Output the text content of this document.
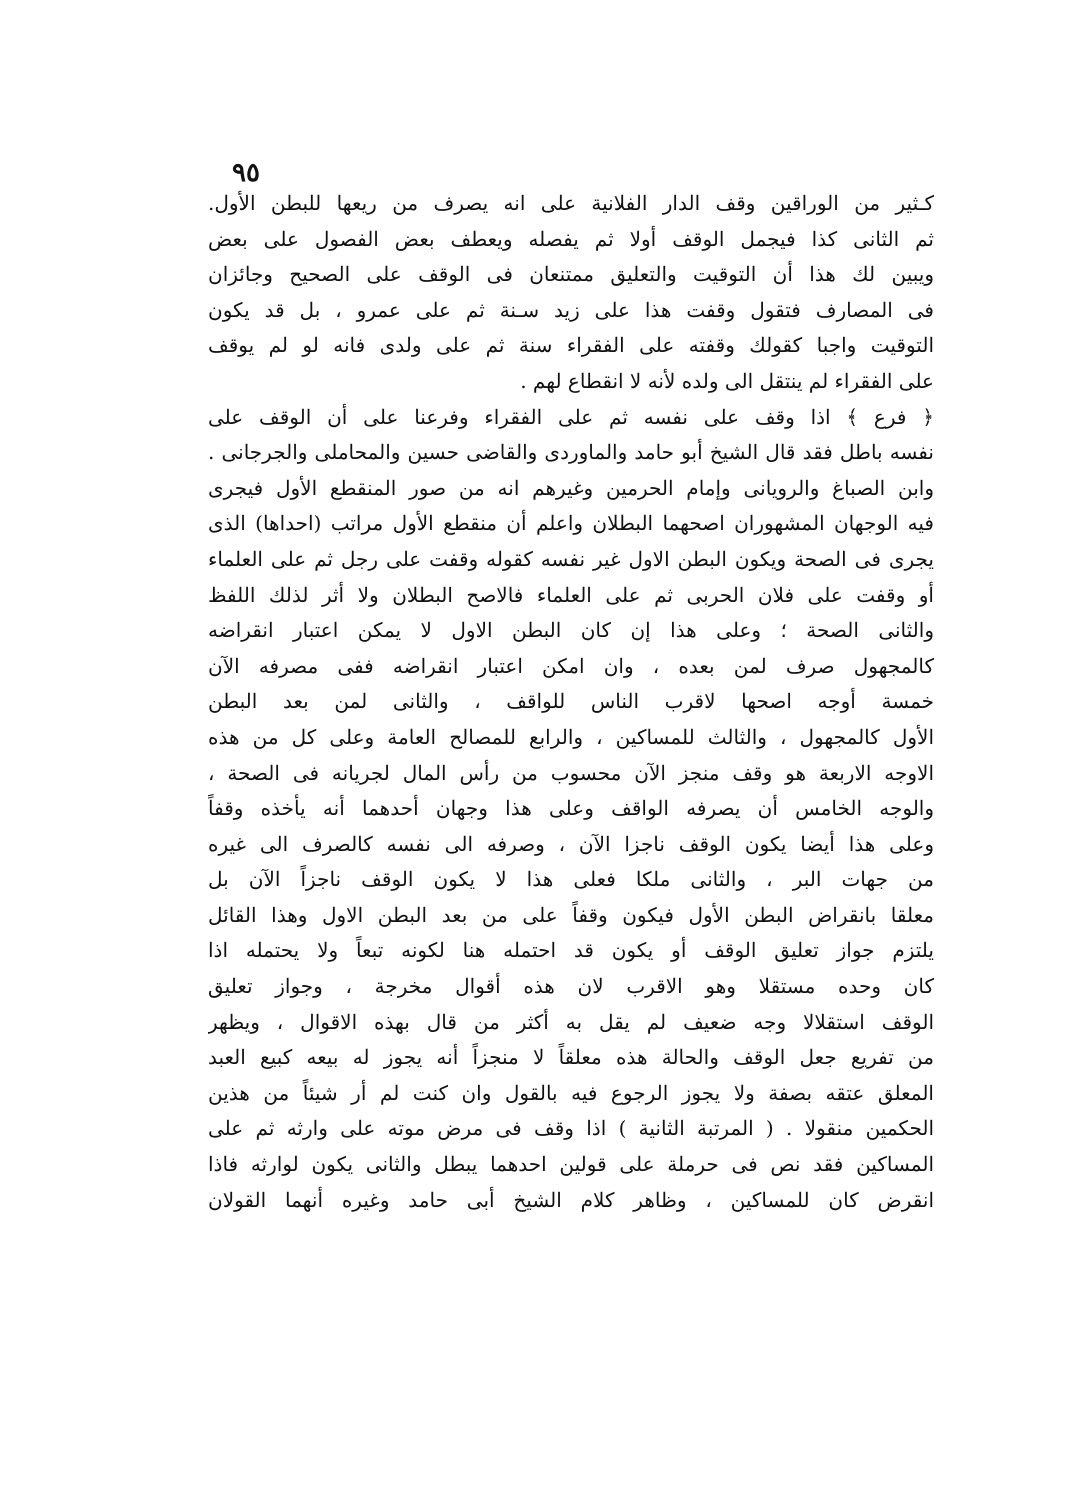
٩٥
كـثير من الوراقين وقف الدار الفلانية على انه يصرف من ريعها للبطن الأول.
ثم الثانى كذا فيجمل الوقف أولا ثم يفصله ويعطف بعض الفصول على بعض
ويبين لك هذا أن التوقيت والتعليق ممتنعان فى الوقف على الصحيح وجائزان
فى المصارف فتقول وقفت هذا على زيد سـنة ثم على عمرو ، بل قد يكون
التوقيت واجبا كقولك وقفته على الفقراء سنة ثم على ولدى فانه لو لم يوقف
على الفقراء لم ينتقل الى ولده لأنه لا انقطاع لهم .
﴿ فرع ﴾ اذا وقف على نفسه ثم على الفقراء وفرعنا على أن الوقف على
نفسه باطل فقد قال الشيخ أبو حامد والماوردى والقاضى حسين والمحاملى والجرجانى .
وابن الصباغ والرويانى وإمام الحرمين وغيرهم انه من صور المنقطع الأول فيجرى
فيه الوجهان المشهوران اصحهما البطلان واعلم أن منقطع الأول مراتب (احداها) الذى
يجرى فى الصحة ويكون البطن الاول غير نفسه كقوله وقفت على رجل ثم على العلماء
أو وقفت على فلان الحربى ثم على العلماء فالاصح البطلان ولا أثر لذلك اللفظ
والثانى الصحة ؛ وعلى هذا إن كان البطن الاول لا يمكن اعتبار انقراضه
كالمجهول صرف لمن بعده ، وان امكن اعتبار انقراضه ففى مصرفه الآن
خمسة أوجه اصحها لاقرب الناس للواقف ، والثانى لمن بعد البطن
الأول كالمجهول ، والثالث للمساكين ، والرابع للمصالح العامة وعلى كل من هذه
الاوجه الاربعة هو وقف منجز الآن محسوب من رأس المال لجريانه فى الصحة ،
والوجه الخامس أن يصرفه الواقف وعلى هذا وجهان أحدهما أنه يأخذه وقفاً
وعلى هذا أيضا يكون الوقف ناجزا الآن ، وصرفه الى نفسه كالصرف الى غيره
من جهات البر ، والثانى ملكا فعلى هذا لا يكون الوقف ناجزاً الآن بل
معلقا بانقراض البطن الأول فيكون وقفاً على من بعد البطن الاول وهذا القائل
يلتزم جواز تعليق الوقف أو يكون قد احتمله هنا لكونه تبعاً ولا يحتمله اذا
كان وحده مستقلا وهو الاقرب لان هذه أقوال مخرجة ، وجواز تعليق
الوقف استقلالا وجه ضعيف لم يقل به أكثر من قال بهذه الاقوال ، ويظهر
من تفريع جعل الوقف والحالة هذه معلقاً لا منجزاً أنه يجوز له بيعه كبيع العبد
المعلق عتقه بصفة ولا يجوز الرجوع فيه بالقول وان كنت لم أر شيئاً من هذين
الحكمين منقولا . ( المرتبة الثانية ) اذا وقف فى مرض موته على وارثه ثم على
المساكين فقد نص فى حرملة على قولين احدهما يبطل والثانى يكون لوارثه فاذا
انقرض كان للمساكين ، وظاهر كلام الشيخ أبى حامد وغيره أنهما القولان
